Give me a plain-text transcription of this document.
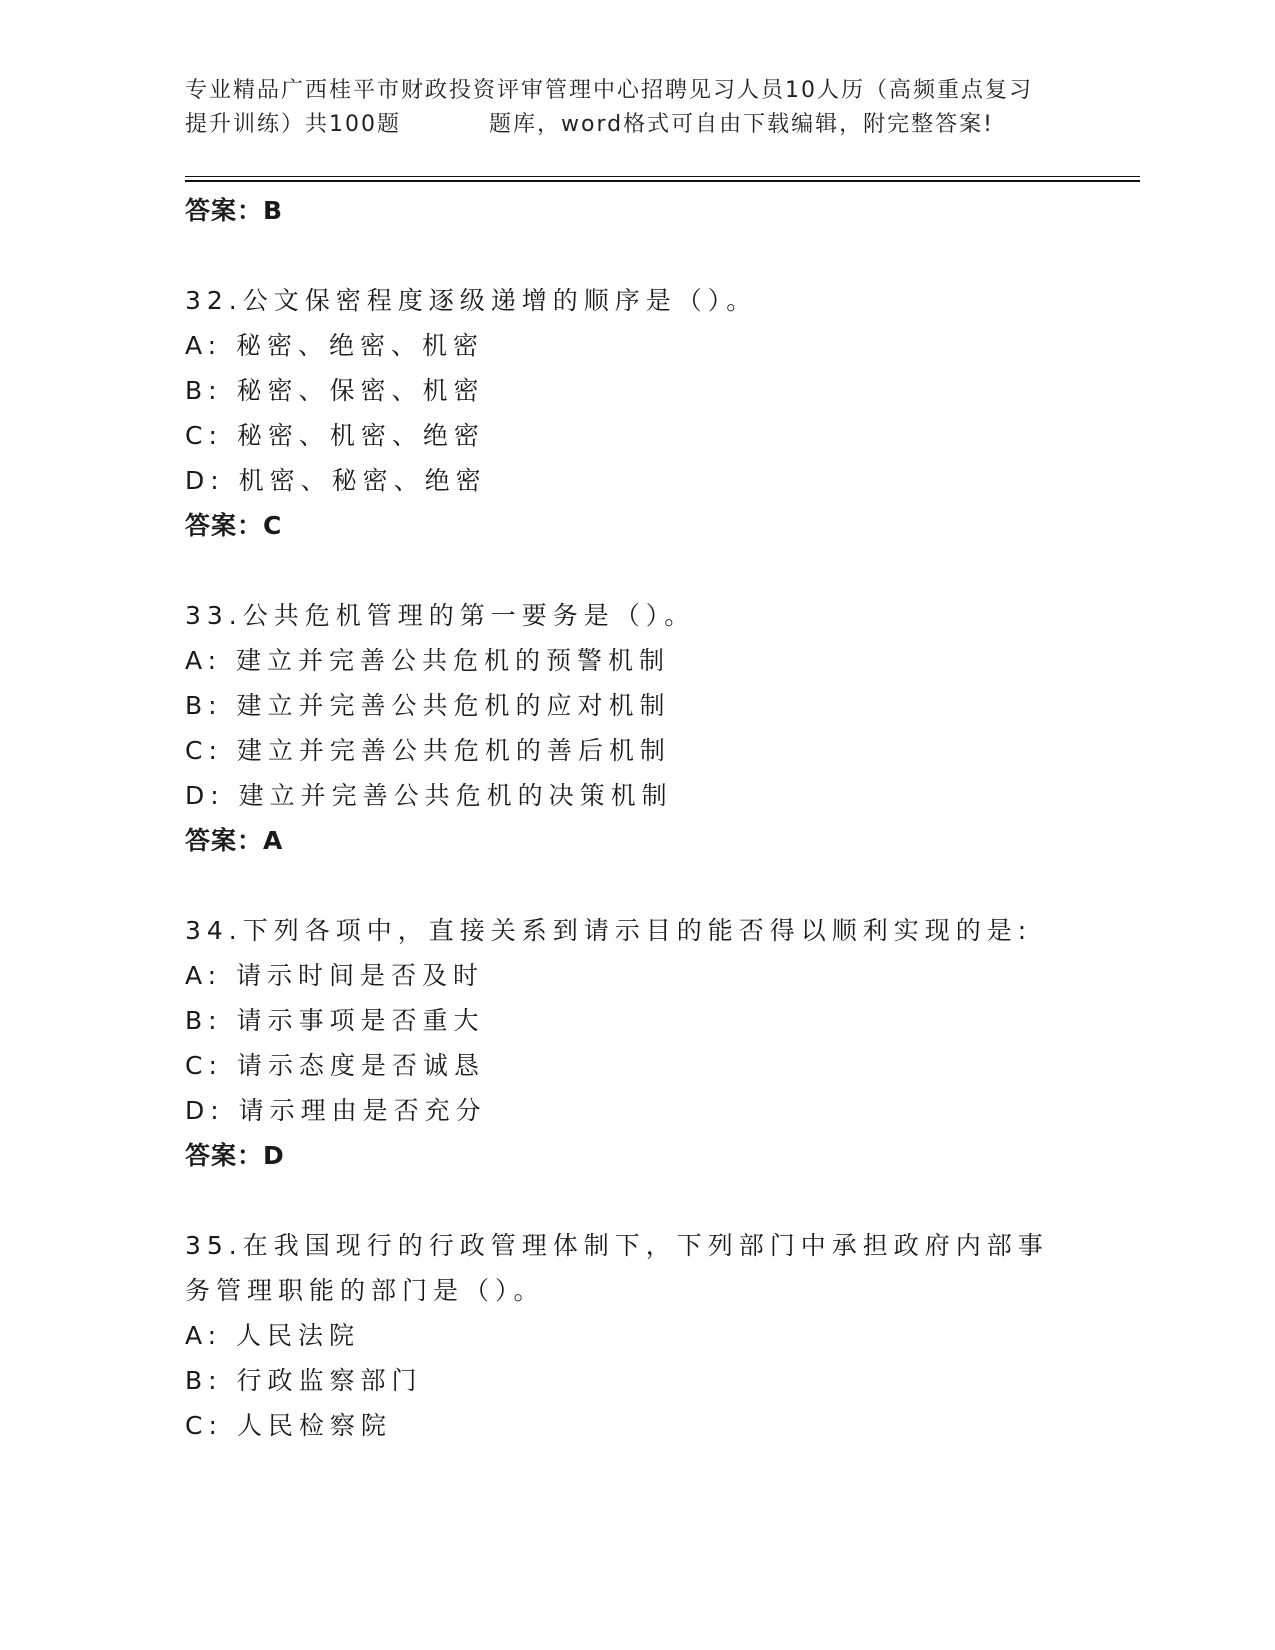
专业精品广西桂平市财政投资评审管理中心招聘见习人员10人历（高频重点复习
提升训练）共100题	题库，word格式可自由下载编辑，附完整答案!
答案：B
32.公文保密程度逐级递增的顺序是（）。
A: 秘密、绝密、机密
B: 秘密、保密、机密
C: 秘密、机密、绝密
D: 机密、秘密、绝密
答案：C
33.公共危机管理的第一要务是（）。
A: 建立并完善公共危机的预警机制
B: 建立并完善公共危机的应对机制
C: 建立并完善公共危机的善后机制
D: 建立并完善公共危机的决策机制
答案：A
34.下列各项中，直接关系到请示目的能否得以顺利实现的是:
A: 请示时间是否及时
B: 请示事项是否重大
C: 请示态度是否诚恳
D: 请示理由是否充分
答案：D
35.在我国现行的行政管理体制下，下列部门中承担政府内部事务管理职能的部门是（）。
A: 人民法院
B: 行政监察部门
C: 人民检察院
